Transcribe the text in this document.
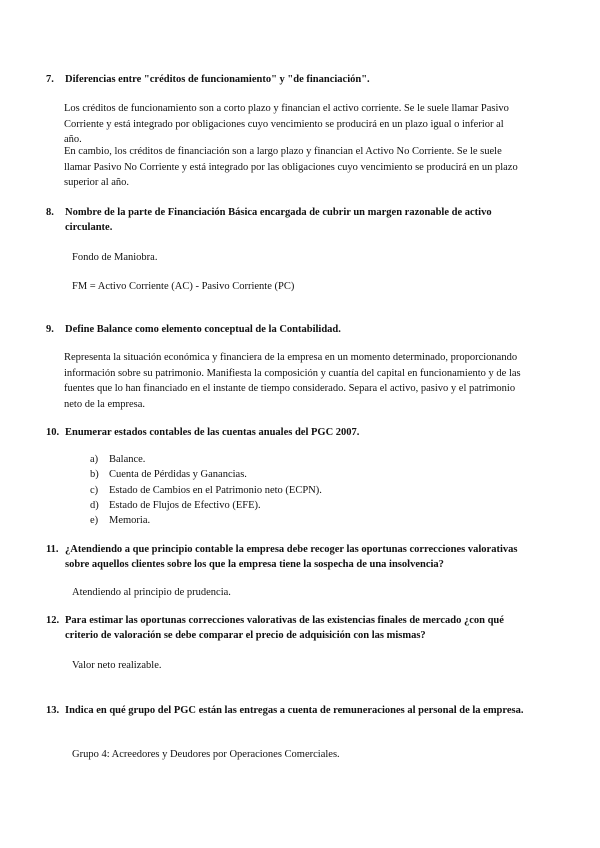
7.	Diferencias entre "créditos de funcionamiento" y "de financiación".
Los créditos de funcionamiento son a corto plazo y financian el activo corriente. Se le suele llamar Pasivo Corriente y está integrado por obligaciones cuyo vencimiento se producirá en un plazo igual o inferior al año.
En cambio, los créditos de financiación son a largo plazo y financian el Activo No Corriente. Se le suele llamar Pasivo No Corriente y está integrado por las obligaciones cuyo vencimiento se producirá en un plazo superior al año.
8.	Nombre de la parte de Financiación Básica encargada de cubrir un margen razonable de activo circulante.
Fondo de Maniobra.
FM = Activo Corriente (AC) - Pasivo Corriente (PC)
9.	Define Balance como elemento conceptual de la Contabilidad.
Representa la situación económica y financiera de la empresa en un momento determinado, proporcionando información sobre su patrimonio. Manifiesta la composición y cuantía del capital en funcionamiento y de las fuentes que lo han financiado en el instante de tiempo considerado. Separa el activo, pasivo y el patrimonio neto de la empresa.
10. Enumerar estados contables de las cuentas anuales del PGC 2007.
a) Balance.
b) Cuenta de Pérdidas y Ganancias.
c) Estado de Cambios en el Patrimonio neto (ECPN).
d) Estado de Flujos de Efectivo (EFE).
e) Memoria.
11. ¿Atendiendo a que principio contable la empresa debe recoger las oportunas correcciones valorativas sobre aquellos clientes sobre los que la empresa tiene la sospecha de una insolvencia?
Atendiendo al principio de prudencia.
12. Para estimar las oportunas correcciones valorativas de las existencias finales de mercado ¿con qué criterio de valoración se debe comparar el precio de adquisición con las mismas?
Valor neto realizable.
13. Indica en qué grupo del PGC están las entregas a cuenta de remuneraciones al personal de la empresa.
Grupo 4: Acreedores y Deudores por Operaciones Comerciales.
